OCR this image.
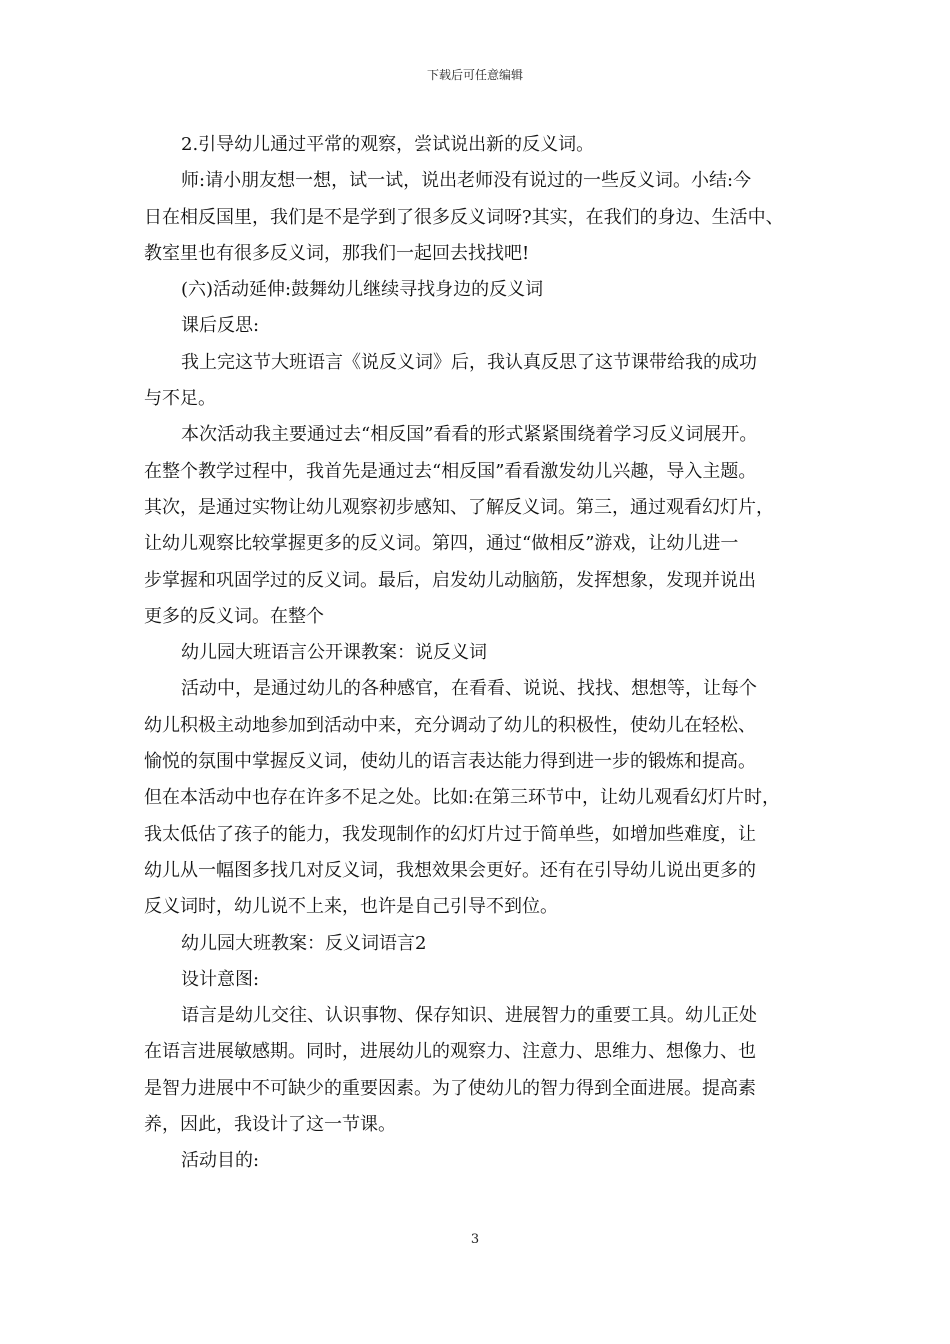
下载后可任意编辑
2.引导幼儿通过平常的观察，尝试说出新的反义词。
师:请小朋友想一想，试一试，说出老师没有说过的一些反义词。小结:今
日在相反国里，我们是不是学到了很多反义词呀?其实，在我们的身边、生活中、
教室里也有很多反义词，那我们一起回去找找吧!
(六)活动延伸:鼓舞幼儿继续寻找身边的反义词
课后反思:
我上完这节大班语言《说反义词》后，我认真反思了这节课带给我的成功
与不足。
本次活动我主要通过去“相反国”看看的形式紧紧围绕着学习反义词展开。
在整个教学过程中，我首先是通过去“相反国”看看激发幼儿兴趣，导入主题。
其次，是通过实物让幼儿观察初步感知、了解反义词。第三，通过观看幻灯片，
让幼儿观察比较掌握更多的反义词。第四，通过“做相反”游戏，让幼儿进一
步掌握和巩固学过的反义词。最后，启发幼儿动脑筋，发挥想象，发现并说出
更多的反义词。在整个
幼儿园大班语言公开课教案：说反义词
活动中，是通过幼儿的各种感官，在看看、说说、找找、想想等，让每个
幼儿积极主动地参加到活动中来，充分调动了幼儿的积极性，使幼儿在轻松、
愉悦的氛围中掌握反义词，使幼儿的语言表达能力得到进一步的锻炼和提高。
但在本活动中也存在许多不足之处。比如:在第三环节中，让幼儿观看幻灯片时，
我太低估了孩子的能力，我发现制作的幻灯片过于简单些，如增加些难度，让
幼儿从一幅图多找几对反义词，我想效果会更好。还有在引导幼儿说出更多的
反义词时，幼儿说不上来，也许是自己引导不到位。
幼儿园大班教案：反义词语言2
设计意图:
语言是幼儿交往、认识事物、保存知识、进展智力的重要工具。幼儿正处
在语言进展敏感期。同时，进展幼儿的观察力、注意力、思维力、想像力、也
是智力进展中不可缺少的重要因素。为了使幼儿的智力得到全面进展。提高素
养，因此，我设计了这一节课。
活动目的:
3
